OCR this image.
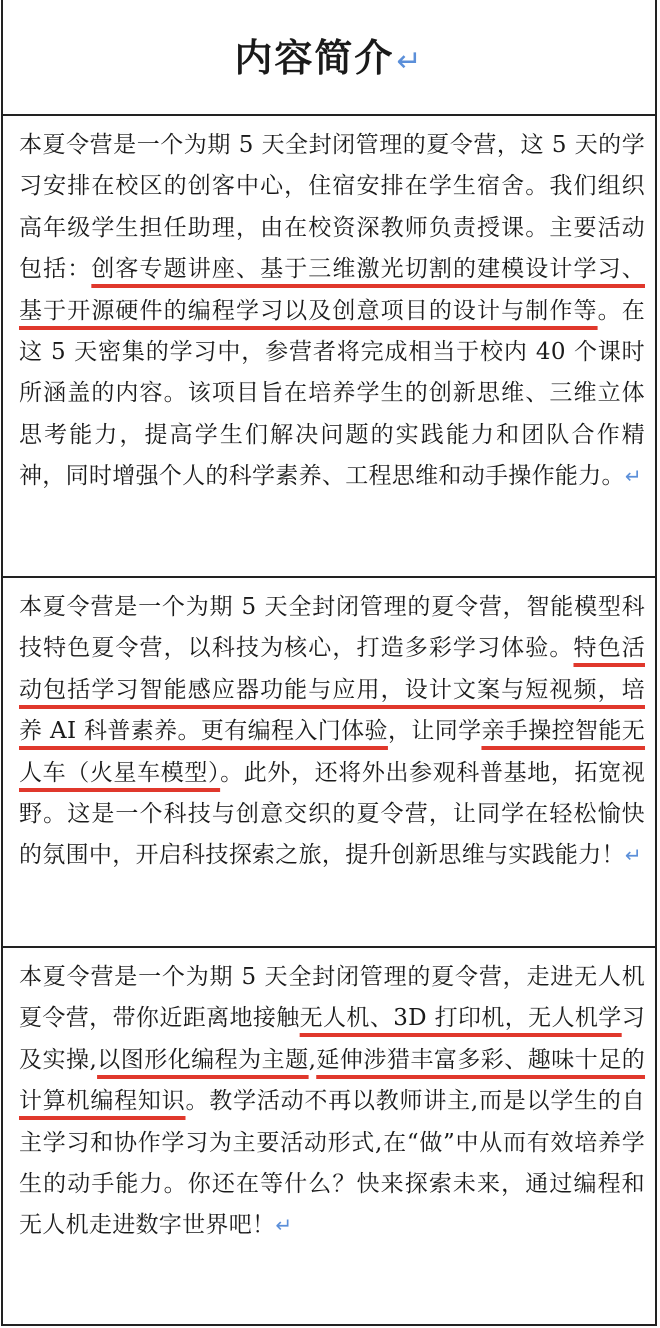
内容简介↵

本夏令营是一个为期 5 天全封闭管理的夏令营，这 5 天的学习安排在校区的创客中心，住宿安排在学生宿舍。我们组织高年级学生担任助理，由在校资深教师负责授课。主要活动包括：创客专题讲座、基于三维激光切割的建模设计学习、基于开源硬件的编程学习以及创意项目的设计与制作等。在这 5 天密集的学习中，参营者将完成相当于校内 40 个课时所涵盖的内容。该项目旨在培养学生的创新思维、三维立体思考能力，提高学生们解决问题的实践能力和团队合作精神，同时增强个人的科学素养、工程思维和动手操作能力。↵

本夏令营是一个为期 5 天全封闭管理的夏令营，智能模型科技特色夏令营，以科技为核心，打造多彩学习体验。特色活动包括学习智能感应器功能与应用，设计文案与短视频，培养 AI 科普素养。更有编程入门体验，让同学亲手操控智能无人车（火星车模型）。此外，还将外出参观科普基地，拓宽视野。这是一个科技与创意交织的夏令营，让同学在轻松愉快的氛围中，开启科技探索之旅，提升创新思维与实践能力！↵

本夏令营是一个为期 5 天全封闭管理的夏令营，走进无人机夏令营，带你近距离地接触无人机、3D 打印机，无人机学习及实操,以图形化编程为主题,延伸涉猎丰富多彩、趣味十足的计算机编程知识。教学活动不再以教师讲主,而是以学生的自主学习和协作学习为主要活动形式,在“做”中从而有效培养学生的动手能力。你还在等什么？快来探索未来，通过编程和无人机走进数字世界吧！↵
